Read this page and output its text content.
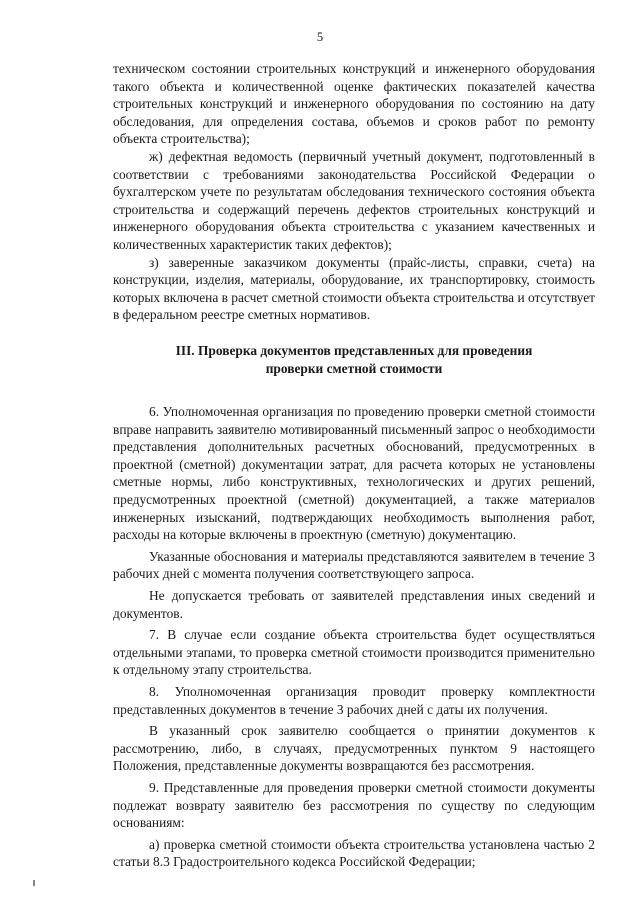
5

техническом состоянии строительных конструкций и инженерного оборудования такого объекта и количественной оценке фактических показателей качества строительных конструкций и инженерного оборудования по состоянию на дату обследования, для определения состава, объемов и сроков работ по ремонту объекта строительства);

ж) дефектная ведомость (первичный учетный документ, подготовленный в соответствии с требованиями законодательства Российской Федерации о бухгалтерском учете по результатам обследования технического состояния объекта строительства и содержащий перечень дефектов строительных конструкций и инженерного оборудования объекта строительства с указанием качественных и количественных характеристик таких дефектов);

з) заверенные заказчиком документы (прайс-листы, справки, счета) на конструкции, изделия, материалы, оборудование, их транспортировку, стоимость которых включена в расчет сметной стоимости объекта строительства и отсутствует в федеральном реестре сметных нормативов.

III. Проверка документов представленных для проведения
проверки сметной стоимости

6. Уполномоченная организация по проведению проверки сметной стоимости вправе направить заявителю мотивированный письменный запрос о необходимости представления дополнительных расчетных обоснований, предусмотренных в проектной (сметной) документации затрат, для расчета которых не установлены сметные нормы, либо конструктивных, технологических и других решений, предусмотренных проектной (сметной) документацией, а также материалов инженерных изысканий, подтверждающих необходимость выполнения работ, расходы на которые включены в проектную (сметную) документацию.

Указанные обоснования и материалы представляются заявителем в течение 3 рабочих дней с момента получения соответствующего запроса.

Не допускается требовать от заявителей представления иных сведений и документов.

7. В случае если создание объекта строительства будет осуществляться отдельными этапами, то проверка сметной стоимости производится применительно к отдельному этапу строительства.

8. Уполномоченная организация проводит проверку комплектности представленных документов в течение 3 рабочих дней с даты их получения.

В указанный срок заявителю сообщается о принятии документов к рассмотрению, либо, в случаях, предусмотренных пунктом 9 настоящего Положения, представленные документы возвращаются без рассмотрения.

9. Представленные для проведения проверки сметной стоимости документы подлежат возврату заявителю без рассмотрения по существу по следующим основаниям:

а) проверка сметной стоимости объекта строительства установлена частью 2 статьи 8.3 Градостроительного кодекса Российской Федерации;
